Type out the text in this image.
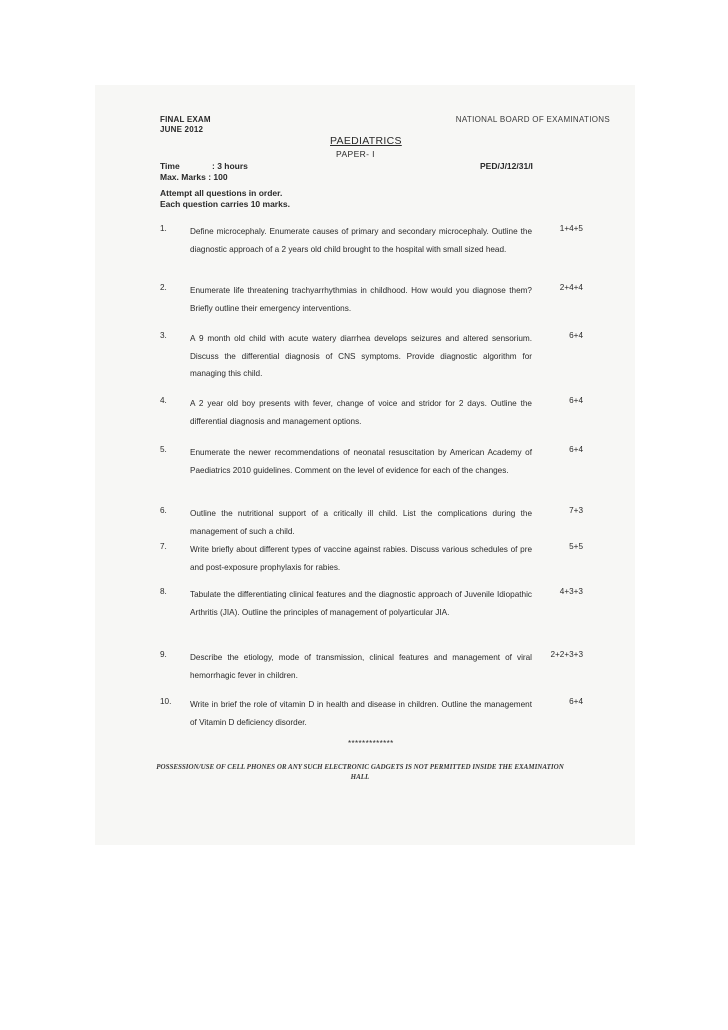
FINAL EXAM
JUNE 2012
NATIONAL BOARD OF EXAMINATIONS
PAEDIATRICS
PAPER- I
Time	: 3 hours
Max. Marks : 100
PED/J/12/31/I
Attempt all questions in order.
Each question carries 10 marks.
1.	Define microcephaly. Enumerate causes of primary and secondary microcephaly. Outline the diagnostic approach of a 2 years old child brought to the hospital with small sized head.
1+4+5
2.	Enumerate life threatening trachyarrhythmias in childhood. How would you diagnose them? Briefly outline their emergency interventions.
2+4+4
3.	A 9 month old child with acute watery diarrhea develops seizures and altered sensorium. Discuss the differential diagnosis of CNS symptoms. Provide diagnostic algorithm for managing this child.
6+4
4.	A 2 year old boy presents with fever, change of voice and stridor for 2 days. Outline the differential diagnosis and management options.
6+4
5.	Enumerate the newer recommendations of neonatal resuscitation by American Academy of Paediatrics 2010 guidelines. Comment on the level of evidence for each of the changes.
6+4
6.	Outline the nutritional support of a critically ill child. List the complications during the management of such a child.
7+3
7.	Write briefly about different types of vaccine against rabies. Discuss various schedules of pre and post-exposure prophylaxis for rabies.
5+5
8.	Tabulate the differentiating clinical features and the diagnostic approach of Juvenile Idiopathic Arthritis (JIA). Outline the principles of management of polyarticular JIA.
4+3+3
9.	Describe the etiology, mode of transmission, clinical features and management of viral hemorrhagic fever in children.
2+2+3+3
10.	Write in brief the role of vitamin D in health and disease in children. Outline the management of Vitamin D deficiency disorder.
6+4
*************
POSSESSION/USE OF CELL PHONES OR ANY SUCH ELECTRONIC GADGETS IS NOT PERMITTED INSIDE THE EXAMINATION HALL
